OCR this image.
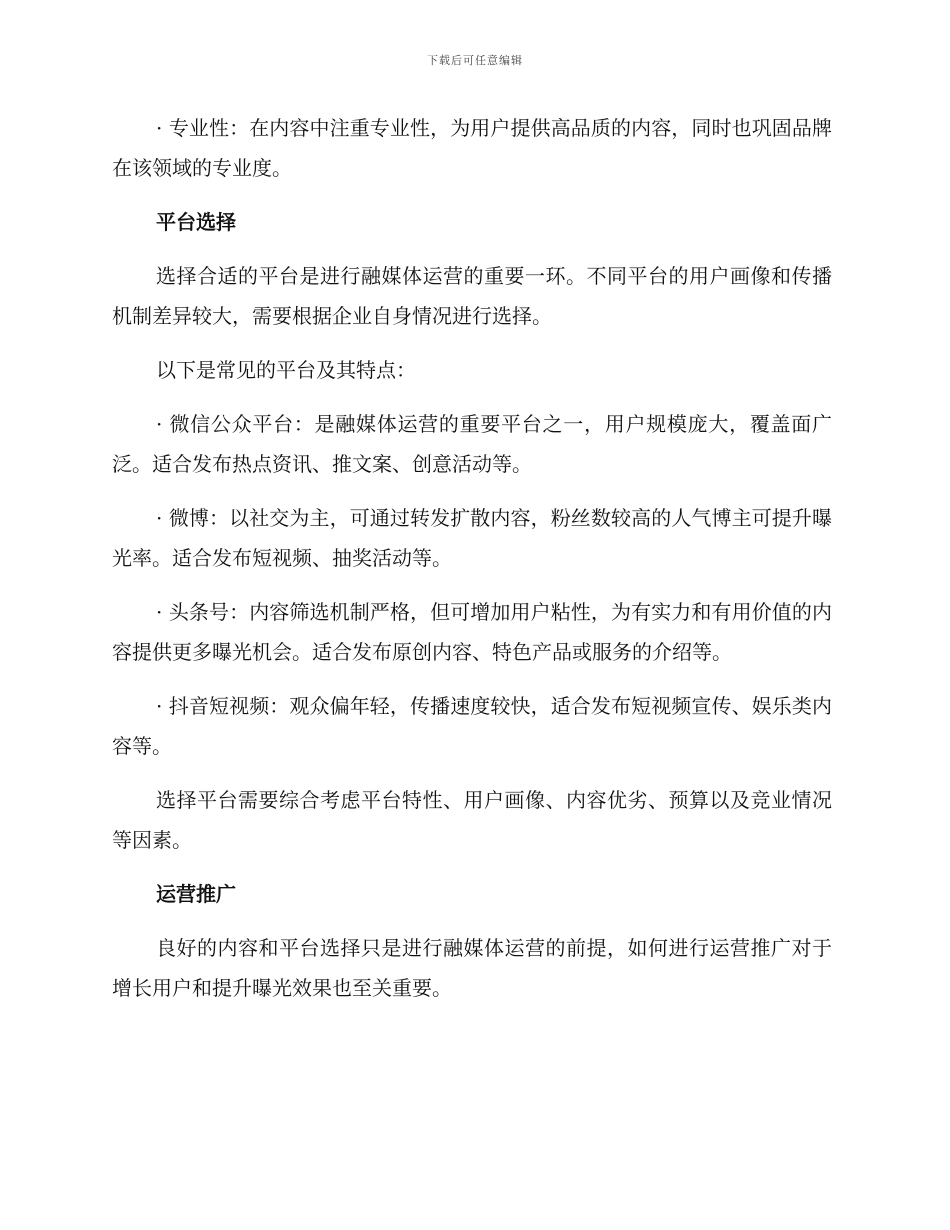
下载后可任意编辑

· 专业性：在内容中注重专业性，为用户提供高品质的内容，同时也巩固品牌在该领域的专业度。

平台选择

选择合适的平台是进行融媒体运营的重要一环。不同平台的用户画像和传播机制差异较大，需要根据企业自身情况进行选择。

以下是常见的平台及其特点：

· 微信公众平台：是融媒体运营的重要平台之一，用户规模庞大，覆盖面广泛。适合发布热点资讯、推文案、创意活动等。

· 微博：以社交为主，可通过转发扩散内容，粉丝数较高的人气博主可提升曝光率。适合发布短视频、抽奖活动等。

· 头条号：内容筛选机制严格，但可增加用户粘性，为有实力和有用价值的内容提供更多曝光机会。适合发布原创内容、特色产品或服务的介绍等。

· 抖音短视频：观众偏年轻，传播速度较快，适合发布短视频宣传、娱乐类内容等。

选择平台需要综合考虑平台特性、用户画像、内容优劣、预算以及竞业情况等因素。

运营推广

良好的内容和平台选择只是进行融媒体运营的前提，如何进行运营推广对于增长用户和提升曝光效果也至关重要。
